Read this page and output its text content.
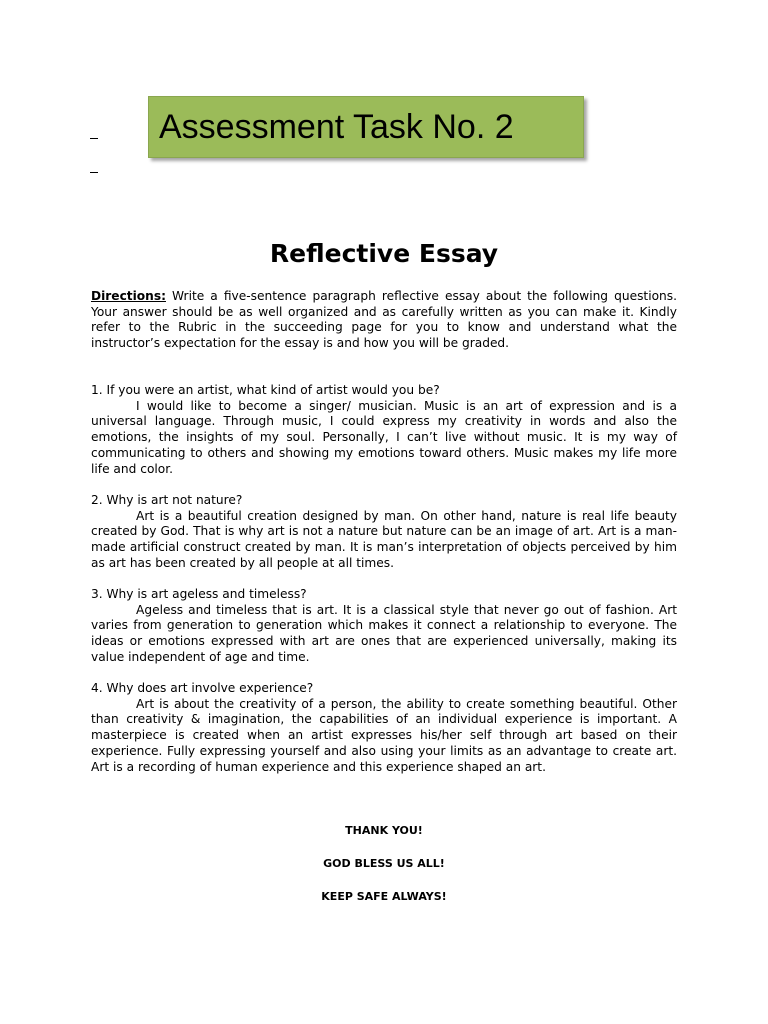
Assessment Task No. 2
Reflective Essay
Directions: Write a five-sentence paragraph reflective essay about the following questions. Your answer should be as well organized and as carefully written as you can make it. Kindly refer to the Rubric in the succeeding page for you to know and understand what the instructor’s expectation for the essay is and how you will be graded.

1. If you were an artist, what kind of artist would you be?

I would like to become a singer/ musician. Music is an art of expression and is a universal language. Through music, I could express my creativity in words and also the emotions, the insights of my soul. Personally, I can’t live without music. It is my way of communicating to others and showing my emotions toward others. Music makes my life more life and color.

2. Why is art not nature?

Art is a beautiful creation designed by man. On other hand, nature is real life beauty created by God. That is why art is not a nature but nature can be an image of art. Art is a man-made artificial construct created by man. It is man’s interpretation of objects perceived by him as art has been created by all people at all times.

3. Why is art ageless and timeless?

Ageless and timeless that is art. It is a classical style that never go out of fashion. Art varies from generation to generation which makes it connect a relationship to everyone. The ideas or emotions expressed with art are ones that are experienced universally, making its value independent of age and time.

4. Why does art involve experience?

Art is about the creativity of a person, the ability to create something beautiful. Other than creativity & imagination, the capabilities of an individual experience is important. A masterpiece is created when an artist expresses his/her self through art based on their experience. Fully expressing yourself and also using your limits as an advantage to create art. Art is a recording of human experience and this experience shaped an art.

THANK YOU!
GOD BLESS US ALL!
KEEP SAFE ALWAYS!
